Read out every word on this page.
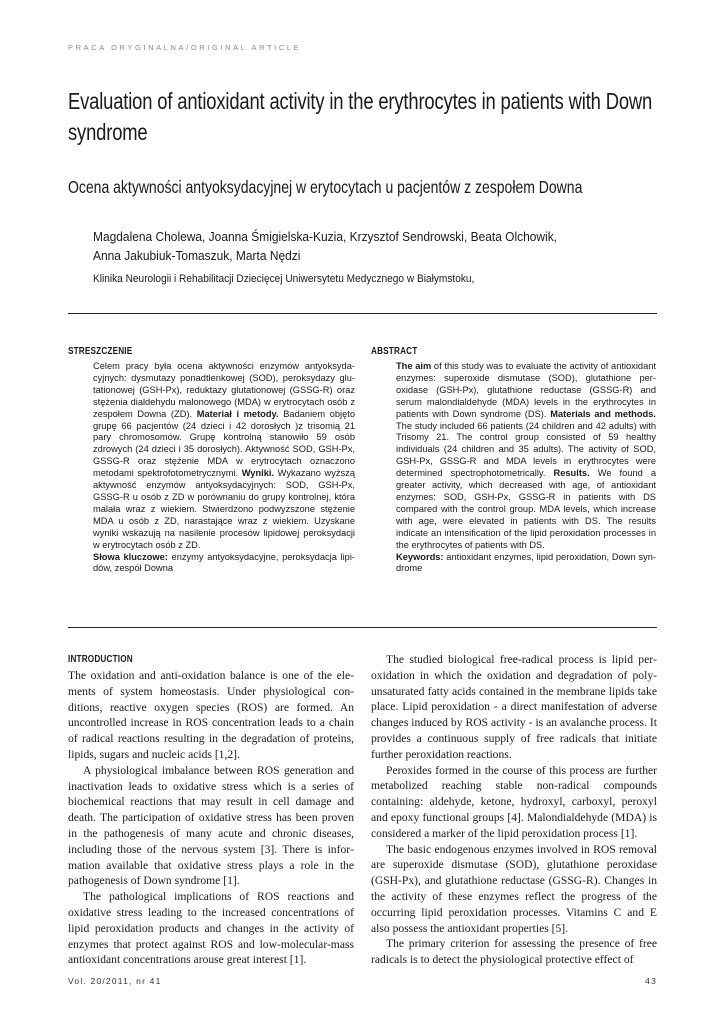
PRACA ORYGINALNA/ORIGINAL ARTICLE
Evaluation of antioxidant activity in the erythrocytes in patients with Down syndrome
Ocena aktywności antyoksydacyjnej w erytocytach u pacjentów z zespołem Downa
Magdalena Cholewa, Joanna Śmigielska-Kuzia, Krzysztof Sendrowski, Beata Olchowik,
Anna Jakubiuk-Tomaszuk, Marta Nędzi
Klinika Neurologii i Rehabilitacji Dziecięcej Uniwersytetu Medycznego w Białymstoku,
STRESZCZENIE
Celem pracy była ocena aktywności enzymów antyoksydacyjnych: dysmutazy ponadtlenkowej (SOD), peroksydazy glutationowej (GSH-Px), reduktazy glutationowej (GSSG-R) oraz stężenia dialdehydu malonowego (MDA) w erytrocytach osób z zespołem Downa (ZD). Materiał i metody. Badaniem objęto grupę 66 pacjentów (24 dzieci i 42 dorosłych )z trisomią 21 pary chromosomów. Grupę kontrolną stanowiło 59 osób zdrowych (24 dzieci i 35 dorosłych). Aktywność SOD, GSH-Px, GSSG-R oraz stężenie MDA w erytrocytach oznaczono metodami spektrofotometrycznymi. Wyniki. Wykazano wyższą aktywność enzymów antyoksydacyjnych: SOD, GSH-Px, GSSG-R u osób z ZD w porównaniu do grupy kontrolnej, która malała wraz z wiekiem. Stwierdzono podwyższone stężenie MDA u osób z ZD, narastające wraz z wiekiem. Uzyskane wyniki wskazują na nasilenie procesów lipidowej peroksydacji w erytrocytach osób z ZD.
Słowa kluczowe: enzymy antyoksydacyjne, peroksydacja lipidów, zespół Downa
ABSTRACT
The aim of this study was to evaluate the activity of antioxidant enzymes: superoxide dismutase (SOD), glutathione peroxidase (GSH-Px), glutathione reductase (GSSG-R) and serum malondialdehyde (MDA) levels in the erythrocytes in patients with Down syndrome (DS). Materials and methods. The study included 66 patients (24 children and 42 adults) with Trisomy 21. The control group consisted of 59 healthy individuals (24 children and 35 adults). The activity of SOD, GSH-Px, GSSG-R and MDA levels in erythrocytes were determined spectrophotometrically. Results. We found a greater activity, which decreased with age, of antioxidant enzymes: SOD, GSH-Px, GSSG-R in patients with DS compared with the control group. MDA levels, which increase with age, were elevated in patients with DS. The results indicate an intensification of the lipid peroxidation processes in the erythrocytes of patients with DS.
Keywords: antioxidant enzymes, lipid peroxidation, Down syndrome
INTRODUCTION

The oxidation and anti-oxidation balance is one of the elements of system homeostasis. Under physiological conditions, reactive oxygen species (ROS) are formed. An uncontrolled increase in ROS concentration leads to a chain of radical reactions resulting in the degradation of proteins, lipids, sugars and nucleic acids [1,2].

A physiological imbalance between ROS generation and inactivation leads to oxidative stress which is a series of biochemical reactions that may result in cell damage and death. The participation of oxidative stress has been proven in the pathogenesis of many acute and chronic diseases, including those of the nervous system [3]. There is information available that oxidative stress plays a role in the pathogenesis of Down syndrome [1].

The pathological implications of ROS reactions and oxidative stress leading to the increased concentrations of lipid peroxidation products and changes in the activity of enzymes that protect against ROS and low-molecular-mass antioxidant concentrations arouse great interest [1].

The studied biological free-radical process is lipid peroxidation in which the oxidation and degradation of polyunsaturated fatty acids contained in the membrane lipids take place. Lipid peroxidation - a direct manifestation of adverse changes induced by ROS activity - is an avalanche process. It provides a continuous supply of free radicals that initiate further peroxidation reactions.

Peroxides formed in the course of this process are further metabolized reaching stable non-radical compounds containing: aldehyde, ketone, hydroxyl, carboxyl, peroxyl and epoxy functional groups [4]. Malondialdehyde (MDA) is considered a marker of the lipid peroxidation process [1].

The basic endogenous enzymes involved in ROS removal are superoxide dismutase (SOD), glutathione peroxidase (GSH-Px), and glutathione reductase (GSSG-R). Changes in the activity of these enzymes reflect the progress of the occurring lipid peroxidation processes. Vitamins C and E also possess the antioxidant properties [5].

The primary criterion for assessing the presence of free radicals is to detect the physiological protective effect of

Vol. 20/2011, nr 41	43
